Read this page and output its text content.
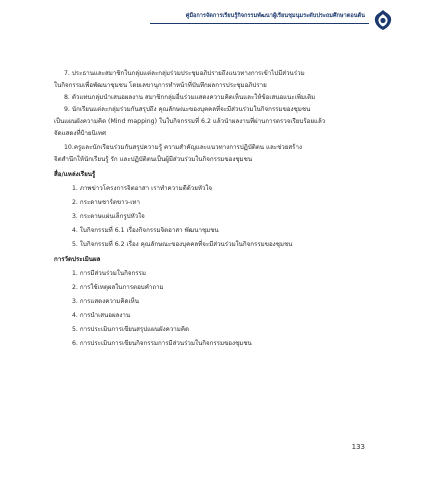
คู่มือการจัดการเรียนรู้กิจกรรมพัฒนาผู้เรียนชุมนุมระดับประถมศึกษาตอนต้น
7. ประธานและสมาชิกในกลุ่มแต่ละกลุ่มร่วมประชุมอภิปรายถึงแนวทางการเข้าไปมีส่วนร่วม
ในกิจกรรมเพื่อพัฒนาชุมชน โดยเลขานุการทำหน้าที่บันทึกผลการประชุมอภิปราย
8. ตัวแทนกลุ่มนำเสนอผลงาน สมาชิกกลุ่มอื่นร่วมแสดงความคิดเห็นและให้ข้อเสนอแนะเพิ่มเติม
9. นักเรียนแต่ละกลุ่มร่วมกันสรุปถึง คุณลักษณะของบุคคลที่จะมีส่วนร่วมในกิจกรรมของชุมชน
เป็นแผนผังความคิด (Mind mapping) ในใบกิจกรรมที่ 6.2 แล้วนำผลงานที่ผ่านการตรวจเรียบร้อยแล้ว
จัดแสดงที่ป้ายนิเทศ
10.ครูและนักเรียนร่วมกันสรุปความรู้ ความสำคัญและแนวทางการปฏิบัติตน และช่วยสร้าง
จิตสำนึกให้นักเรียนรู้ รัก และปฏิบัติตนเป็นผู้มีส่วนร่วมในกิจกรรมของชุมชน
สื่อ/แหล่งเรียนรู้
1. ภาพข่าวโครงการจิตอาสา เราทำความดีด้วยหัวใจ
2. กระดาษชาร์ตขาว-เทา
3. กระดาษแผ่นเล็กรูปหัวใจ
4. ใบกิจกรรมที่ 6.1 เรื่องกิจกรรมจิตอาสา พัฒนาชุมชน
5. ใบกิจกรรมที่ 6.2 เรื่อง คุณลักษณะของบุคคลที่จะมีส่วนร่วมในกิจกรรมของชุมชน
การวัดประเมินผล
1. การมีส่วนร่วมในกิจกรรม
2. การใช้เหตุผลในการตอบคำถาม
3. การแสดงความคิดเห็น
4. การนำเสนอผลงาน
5. การประเมินการเขียนสรุปแผนผังความคิด
6. การประเมินการเขียนกิจกรรมการมีส่วนร่วมในกิจกรรมของชุมชน
133
